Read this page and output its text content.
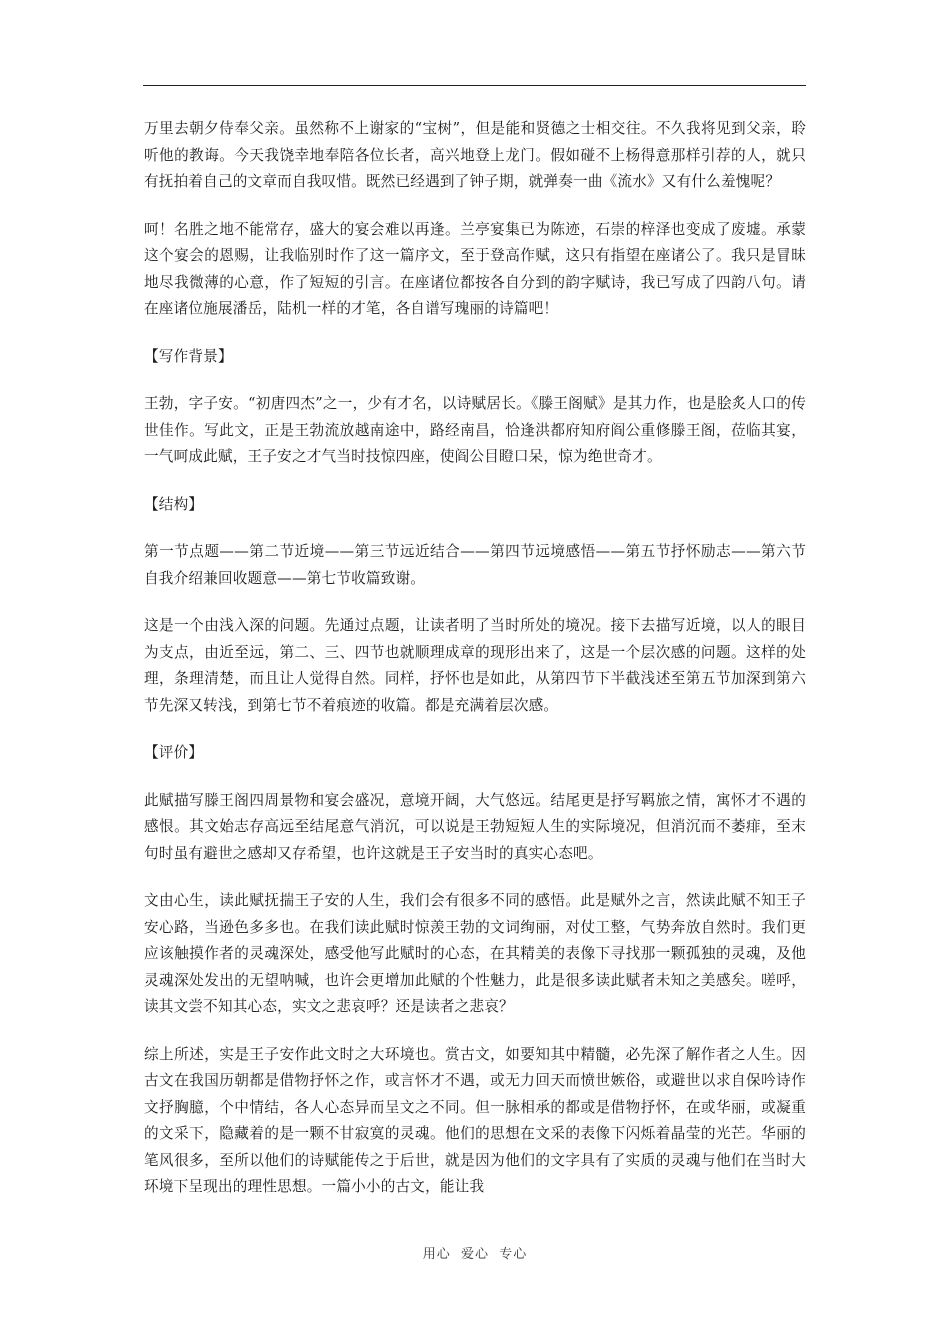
万里去朝夕侍奉父亲。虽然称不上谢家的“宝树”，但是能和贤德之士相交往。不久我将见到父亲，聆听他的教诲。今天我饶幸地奉陪各位长者，高兴地登上龙门。假如碰不上杨得意那样引荐的人，就只有抚拍着自己的文章而自我叹惜。既然已经遇到了钟子期，就弹奏一曲《流水》又有什么羞愧呢？

呵！名胜之地不能常存，盛大的宴会难以再逢。兰亭宴集已为陈迹，石崇的梓泽也变成了废墟。承蒙这个宴会的恩赐，让我临别时作了这一篇序文，至于登高作赋，这只有指望在座诸公了。我只是冒昧地尽我微薄的心意，作了短短的引言。在座诸位都按各自分到的韵字赋诗，我已写成了四韵八句。请在座诸位施展潘岳，陆机一样的才笔，各自谱写瑰丽的诗篇吧！

【写作背景】

王勃，字子安。“初唐四杰”之一，少有才名，以诗赋居长。《滕王阁赋》是其力作，也是脍炙人口的传世佳作。写此文，正是王勃流放越南途中，路经南昌，恰逢洪都府知府阎公重修滕王阁，莅临其宴，一气呵成此赋，王子安之才气当时技惊四座，使阎公目瞪口呆，惊为绝世奇才。

【结构】

第一节点题——第二节近境——第三节远近结合——第四节远境感悟——第五节抒怀励志——第六节自我介绍兼回收题意——第七节收篇致谢。

这是一个由浅入深的问题。先通过点题，让读者明了当时所处的境况。接下去描写近境，以人的眼目为支点，由近至远，第二、三、四节也就顺理成章的现形出来了，这是一个层次感的问题。这样的处理，条理清楚，而且让人觉得自然。同样，抒怀也是如此，从第四节下半截浅述至第五节加深到第六节先深又转浅，到第七节不着痕迹的收篇。都是充满着层次感。

【评价】

此赋描写滕王阁四周景物和宴会盛况，意境开阔，大气悠远。结尾更是抒写羁旅之情，寓怀才不遇的感恨。其文始志存高远至结尾意气消沉，可以说是王勃短短人生的实际境况，但消沉而不萎痱，至末句时虽有避世之感却又存希望，也许这就是王子安当时的真实心态吧。

文由心生，读此赋抚揣王子安的人生，我们会有很多不同的感悟。此是赋外之言，然读此赋不知王子安心路，当逊色多多也。在我们读此赋时惊羡王勃的文词绚丽，对仗工整，气势奔放自然时。我们更应该触摸作者的灵魂深处，感受他写此赋时的心态，在其精美的表像下寻找那一颗孤独的灵魂，及他灵魂深处发出的无望呐喊，也许会更增加此赋的个性魅力，此是很多读此赋者未知之美感矣。嗟呼，读其文尝不知其心态，实文之悲哀呼？还是读者之悲哀？

综上所述，实是王子安作此文时之大环境也。赏古文，如要知其中精髓，必先深了解作者之人生。因古文在我国历朝都是借物抒怀之作，或言怀才不遇，或无力回天而愤世嫉俗，或避世以求自保吟诗作文抒胸臆，个中情结，各人心态异而呈文之不同。但一脉相承的都或是借物抒怀，在或华丽，或凝重的文采下，隐藏着的是一颗不甘寂寞的灵魂。他们的思想在文采的表像下闪烁着晶莹的光芒。华丽的笔风很多，至所以他们的诗赋能传之于后世，就是因为他们的文字具有了实质的灵魂与他们在当时大环境下呈现出的理性思想。一篇小小的古文，能让我

用心  爱心  专心
